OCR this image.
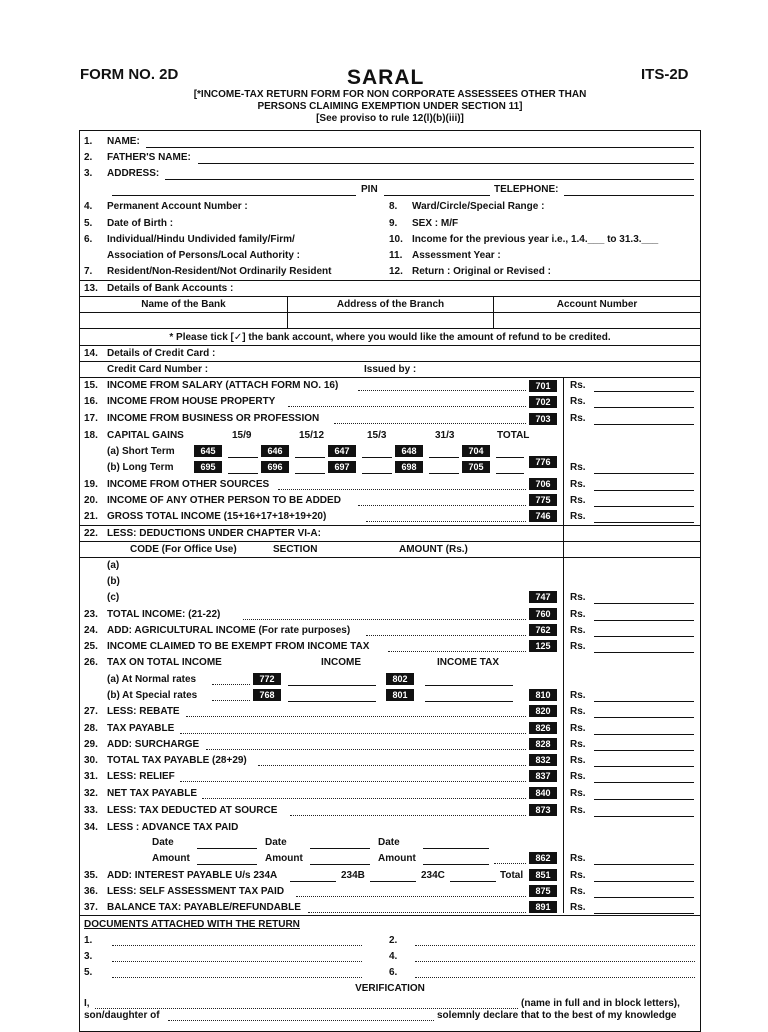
FORM NO. 2D	SARAL	ITS-2D
[*INCOME-TAX RETURN FORM FOR NON CORPORATE ASSESSEES OTHER THAN
PERSONS CLAIMING EXEMPTION UNDER SECTION 11]
[See proviso to rule 12(l)(b)(iii)]
1. NAME:
2. FATHER'S NAME:
3. ADDRESS:
PIN	TELEPHONE:
4. Permanent Account Number :	8. Ward/Circle/Special Range :
5. Date of Birth :	9. SEX : M/F
6. Individual/Hindu Undivided family/Firm/	10. Income for the previous year i.e., 1.4.___ to 31.3.___
Association of Persons/Local Authority :	11. Assessment Year :
7. Resident/Non-Resident/Not Ordinarily Resident	12. Return : Original or Revised :
13. Details of Bank Accounts :
Name of the Bank	Address of the Branch	Account Number
* Please tick [✓] the bank account, where you would like the amount of refund to be credited.
14. Details of Credit Card :
Credit Card Number :	Issued by :
15. INCOME FROM SALARY (ATTACH FORM NO. 16)	701	Rs.
16. INCOME FROM HOUSE PROPERTY	702	Rs.
17. INCOME FROM BUSINESS OR PROFESSION	703	Rs.
18. CAPITAL GAINS	15/9	15/12	15/3	31/3	TOTAL
(a) Short Term	645	646	647	648	704
(b) Long Term	695	696	697	698	705	776	Rs.
19. INCOME FROM OTHER SOURCES	706	Rs.
20. INCOME OF ANY OTHER PERSON TO BE ADDED	775	Rs.
21. GROSS TOTAL INCOME (15+16+17+18+19+20)	746	Rs.
22. LESS: DEDUCTIONS UNDER CHAPTER VI-A:
CODE (For Office Use)	SECTION	AMOUNT (Rs.)
(a)
(b)
(c)	747	Rs.
23. TOTAL INCOME: (21-22)	760	Rs.
24. ADD: AGRICULTURAL INCOME (For rate purposes)	762	Rs.
25. INCOME CLAIMED TO BE EXEMPT FROM INCOME TAX	125	Rs.
26. TAX ON TOTAL INCOME	INCOME	INCOME TAX
(a) At Normal rates	772	802
(b) At Special rates	768	801	810	Rs.
27. LESS: REBATE	820	Rs.
28. TAX PAYABLE	826	Rs.
29. ADD: SURCHARGE	828	Rs.
30. TOTAL TAX PAYABLE (28+29)	832	Rs.
31. LESS: RELIEF	837	Rs.
32. NET TAX PAYABLE	840	Rs.
33. LESS: TAX DEDUCTED AT SOURCE	873	Rs.
34. LESS : ADVANCE TAX PAID
Date	Date	Date
Amount	Amount	Amount	862	Rs.
35. ADD: INTEREST PAYABLE U/s 234A	234B	234C	Total	851	Rs.
36. LESS: SELF ASSESSMENT TAX PAID	875	Rs.
37. BALANCE TAX: PAYABLE/REFUNDABLE	891	Rs.
DOCUMENTS ATTACHED WITH THE RETURN
1.	2.
3.	4.
5.	6.
VERIFICATION
I,	(name in full and in block letters),
son/daughter of	solemnly declare that to the best of my knowledge
